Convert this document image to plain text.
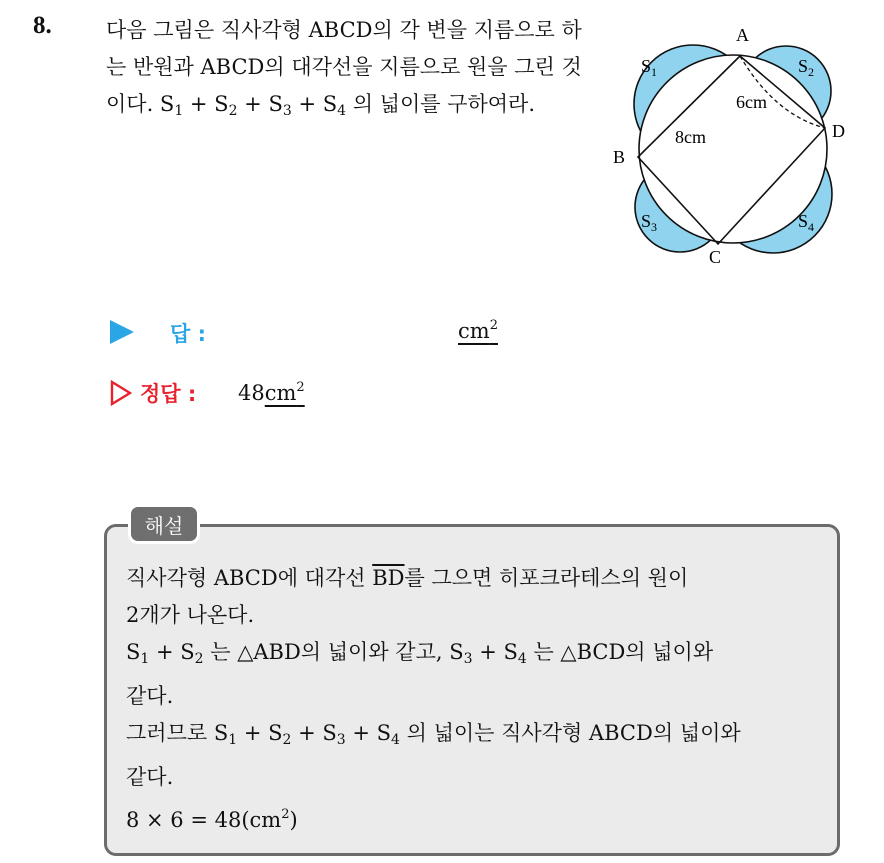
8.	다음 그림은 직사각형 ABCD의 각 변을 지름으로 하는 반원과 ABCD의 대각선을 지름으로 원을 그린 것이다. $S_1 + S_2 + S_3 + S_4$ 의 넓이를 구하여라.
A
B
C
D
$S_1$	$S_2$
$S_3$	$S_4$
8cm
6cm
답 :	$cm^2$
정답 : $48cm^2$
해설
직사각형 ABCD에 대각선 $\overline{BD}$를 그으면 히포크라테스의 원이
2개가 나온다.
$S_1 + S_2$ 는 △ABD의 넓이와 같고, $S_3 + S_4$ 는 △BCD의 넓이와
같다.
그러므로 $S_1 + S_2 + S_3 + S_4$ 의 넓이는 직사각형 ABCD의 넓이와
같다.
$8 \times 6 = 48(cm^2)$
